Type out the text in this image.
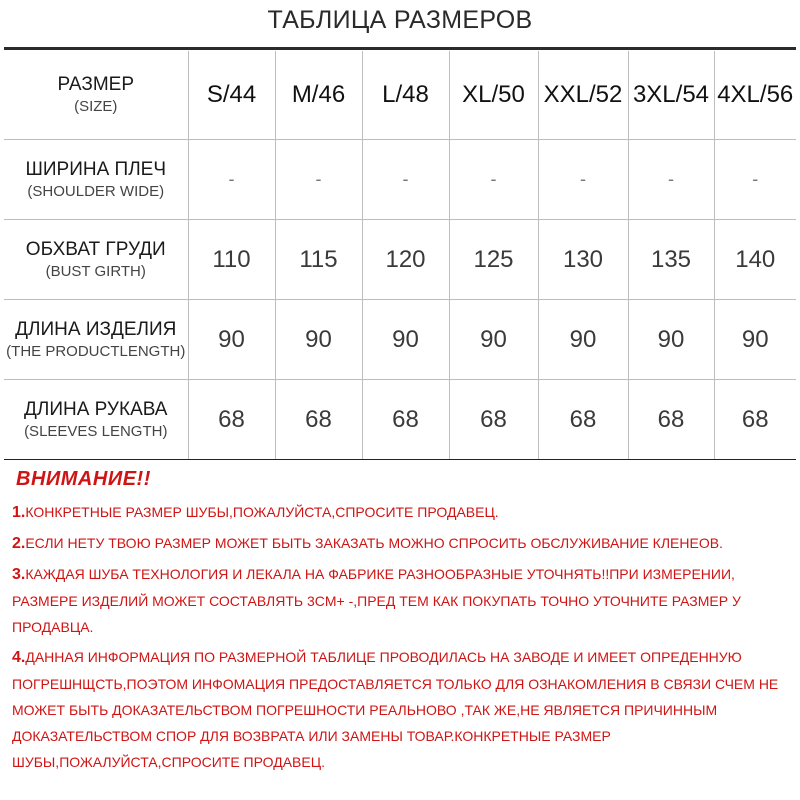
ТАБЛИЦА РАЗМЕРОВ
РАЗМЕР
(SIZE)	S/44	M/46	L/48	XL/50	XXL/52	3XL/54	4XL/56

ШИРИНА ПЛЕЧ
(SHOULDER WIDE)	-	-	-	-	-	-	-

ОБХВАТ ГРУДИ
(BUST GIRTH)	110	115	120	125	130	135	140

ДЛИНА ИЗДЕЛИЯ
(THE PRODUCTLENGTH)	90	90	90	90	90	90	90

ДЛИНА РУКАВА
(SLEEVES LENGTH)	68	68	68	68	68	68	68
ВНИМАНИЕ!!
1.КОНКРЕТНЫЕ РАЗМЕР ШУБЫ,ПОЖАЛУЙСТА,СПРОСИТЕ ПРОДАВЕЦ.
2.ЕСЛИ НЕТУ ТВОЮ РАЗМЕР МОЖЕТ БЫТЬ ЗАКАЗАТЬ МОЖНО СПРОСИТЬ ОБСЛУЖИВАНИЕ КЛЕНЕОВ.
3.КАЖДАЯ ШУБА ТЕХНОЛОГИЯ И ЛЕКАЛА НА ФАБРИКЕ РАЗНООБРАЗНЫЕ УТОЧНЯТЬ!!ПРИ ИЗМЕРЕНИИ, РАЗМЕРЕ ИЗДЕЛИЙ МОЖЕТ СОСТАВЛЯТЬ 3CM+ -,ПРЕД ТЕМ КАК ПОКУПАТЬ ТОЧНО УТОЧНИТЕ РАЗМЕР У ПРОДАВЦА.
4.ДАННАЯ ИНФОРМАЦИЯ ПО РАЗМЕРНОЙ ТАБЛИЦЕ ПРОВОДИЛАСЬ НА ЗАВОДЕ И ИМЕЕТ ОПРЕДЕННУЮ ПОГРЕШНЩСТЬ,ПОЭТОМ ИНФОМАЦИЯ ПРЕДОСТАВЛЯЕТСЯ ТОЛЬКО ДЛЯ ОЗНАКОМЛЕНИЯ В СВЯЗИ СЧЕМ НЕ МОЖЕТ БЫТЬ ДОКАЗАТЕЛЬСТВОМ ПОГРЕШНОСТИ РЕАЛЬНОВО ,ТАК ЖЕ,НЕ ЯВЛЯЕТСЯ ПРИЧИННЫМ ДОКАЗАТЕЛЬСТВОМ СПОР ДЛЯ ВОЗВРАТА ИЛИ ЗАМЕНЫ ТОВАР.КОНКРЕТНЫЕ РАЗМЕР ШУБЫ,ПОЖАЛУЙСТА,СПРОСИТЕ ПРОДАВЕЦ.
